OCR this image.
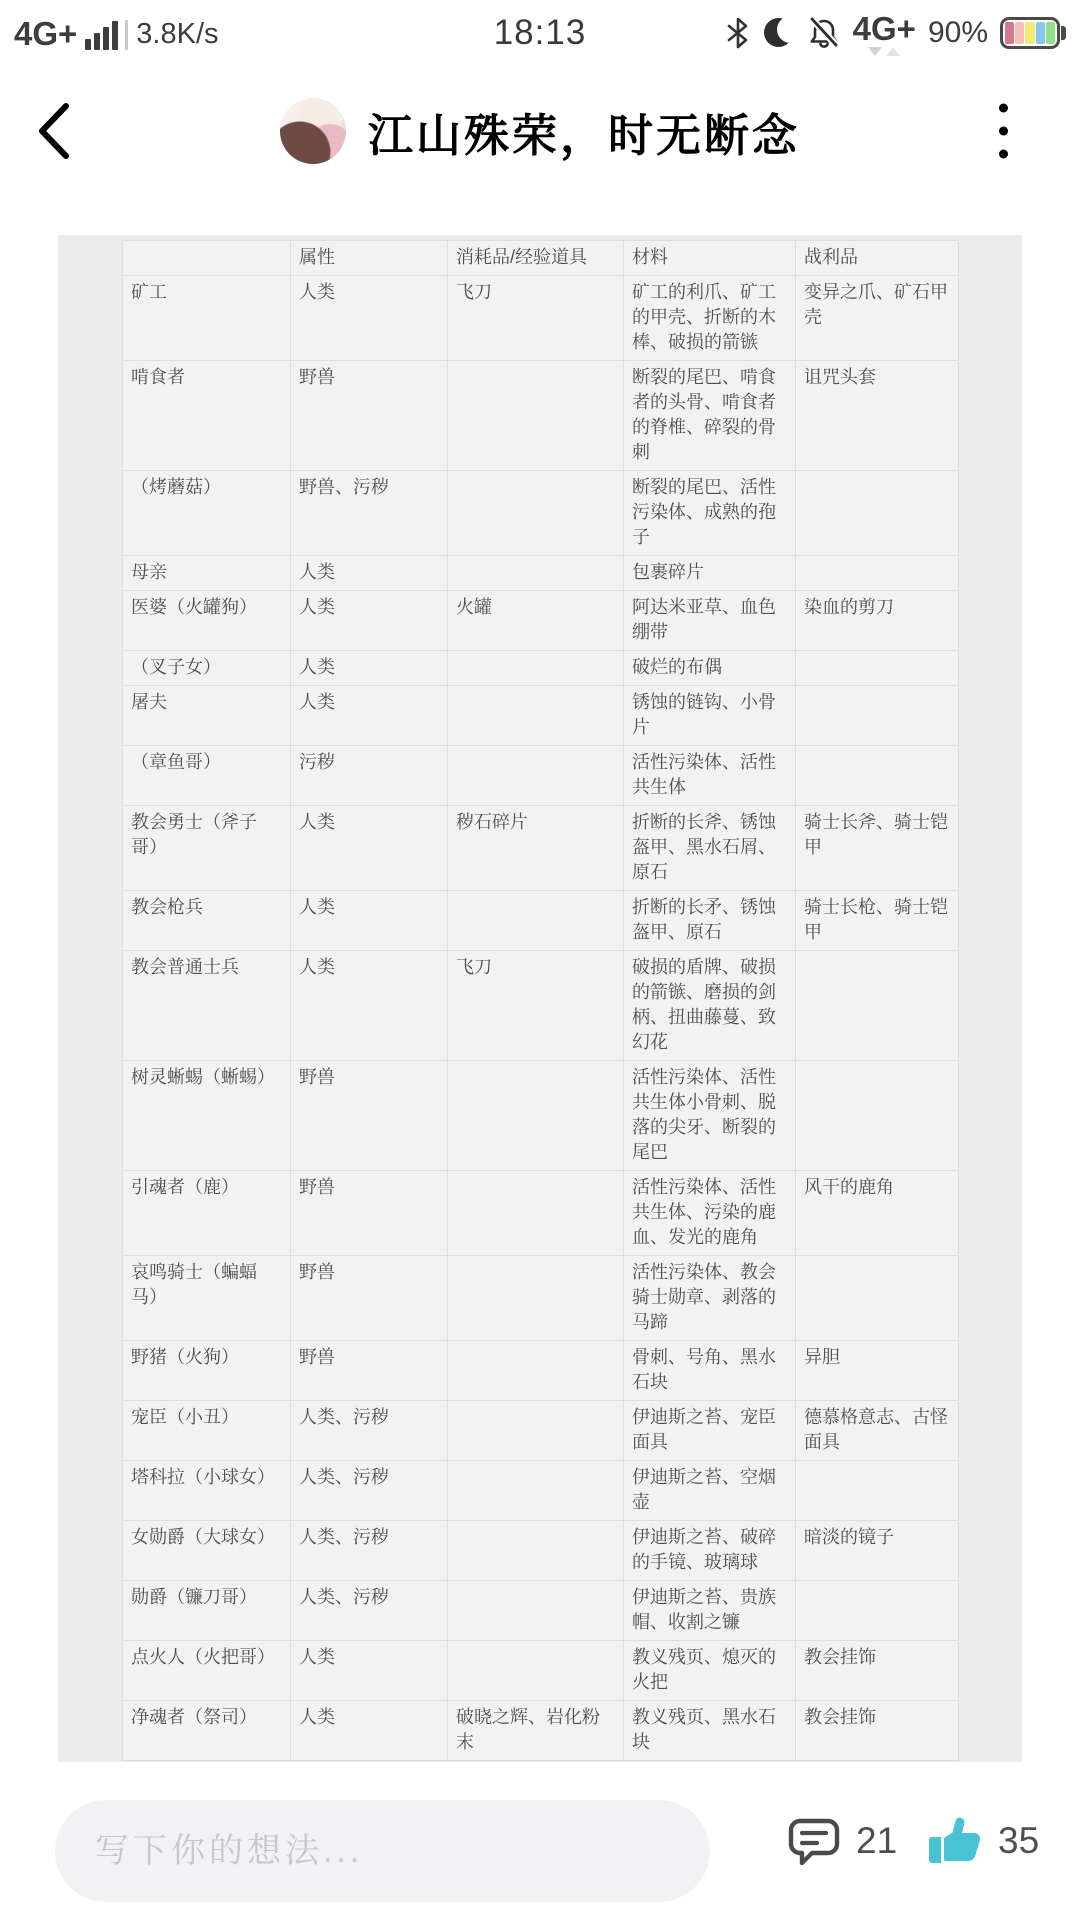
4G+ 3.8K/s	18:13	4G+ 90%
江山殊荣，时无断念
	属性	消耗品/经验道具	材料	战利品
矿工	人类	飞刀	矿工的利爪、矿工的甲壳、折断的木棒、破损的箭镞	变异之爪、矿石甲壳
啃食者	野兽		断裂的尾巴、啃食者的头骨、啃食者的脊椎、碎裂的骨刺	诅咒头套
（烤蘑菇）	野兽、污秽		断裂的尾巴、活性污染体、成熟的孢子	
母亲	人类		包裹碎片	
医婆（火罐狗）	人类	火罐	阿达米亚草、血色绷带	染血的剪刀
（叉子女）	人类		破烂的布偶	
屠夫	人类		锈蚀的链钩、小骨片	
（章鱼哥）	污秽		活性污染体、活性共生体	
教会勇士（斧子哥）	人类	秽石碎片	折断的长斧、锈蚀盔甲、黑水石屑、原石	骑士长斧、骑士铠甲
教会枪兵	人类		折断的长矛、锈蚀盔甲、原石	骑士长枪、骑士铠甲
教会普通士兵	人类	飞刀	破损的盾牌、破损的箭镞、磨损的剑柄、扭曲藤蔓、致幻花	
树灵蜥蜴（蜥蜴）	野兽		活性污染体、活性共生体小骨刺、脱落的尖牙、断裂的尾巴	
引魂者（鹿）	野兽		活性污染体、活性共生体、污染的鹿血、发光的鹿角	风干的鹿角
哀鸣骑士（蝙蝠马）	野兽		活性污染体、教会骑士勋章、剥落的马蹄	
野猪（火狗）	野兽		骨刺、号角、黑水石块	异胆
宠臣（小丑）	人类、污秽		伊迪斯之苔、宠臣面具	德慕格意志、古怪面具
塔科拉（小球女）	人类、污秽		伊迪斯之苔、空烟壶	
女勋爵（大球女）	人类、污秽		伊迪斯之苔、破碎的手镜、玻璃球	暗淡的镜子
勋爵（镰刀哥）	人类、污秽		伊迪斯之苔、贵族帽、收割之镰	
点火人（火把哥）	人类		教义残页、熄灭的火把	教会挂饰
净魂者（祭司）	人类	破晓之辉、岩化粉末	教义残页、黑水石块	教会挂饰
写下你的想法...
21	35
